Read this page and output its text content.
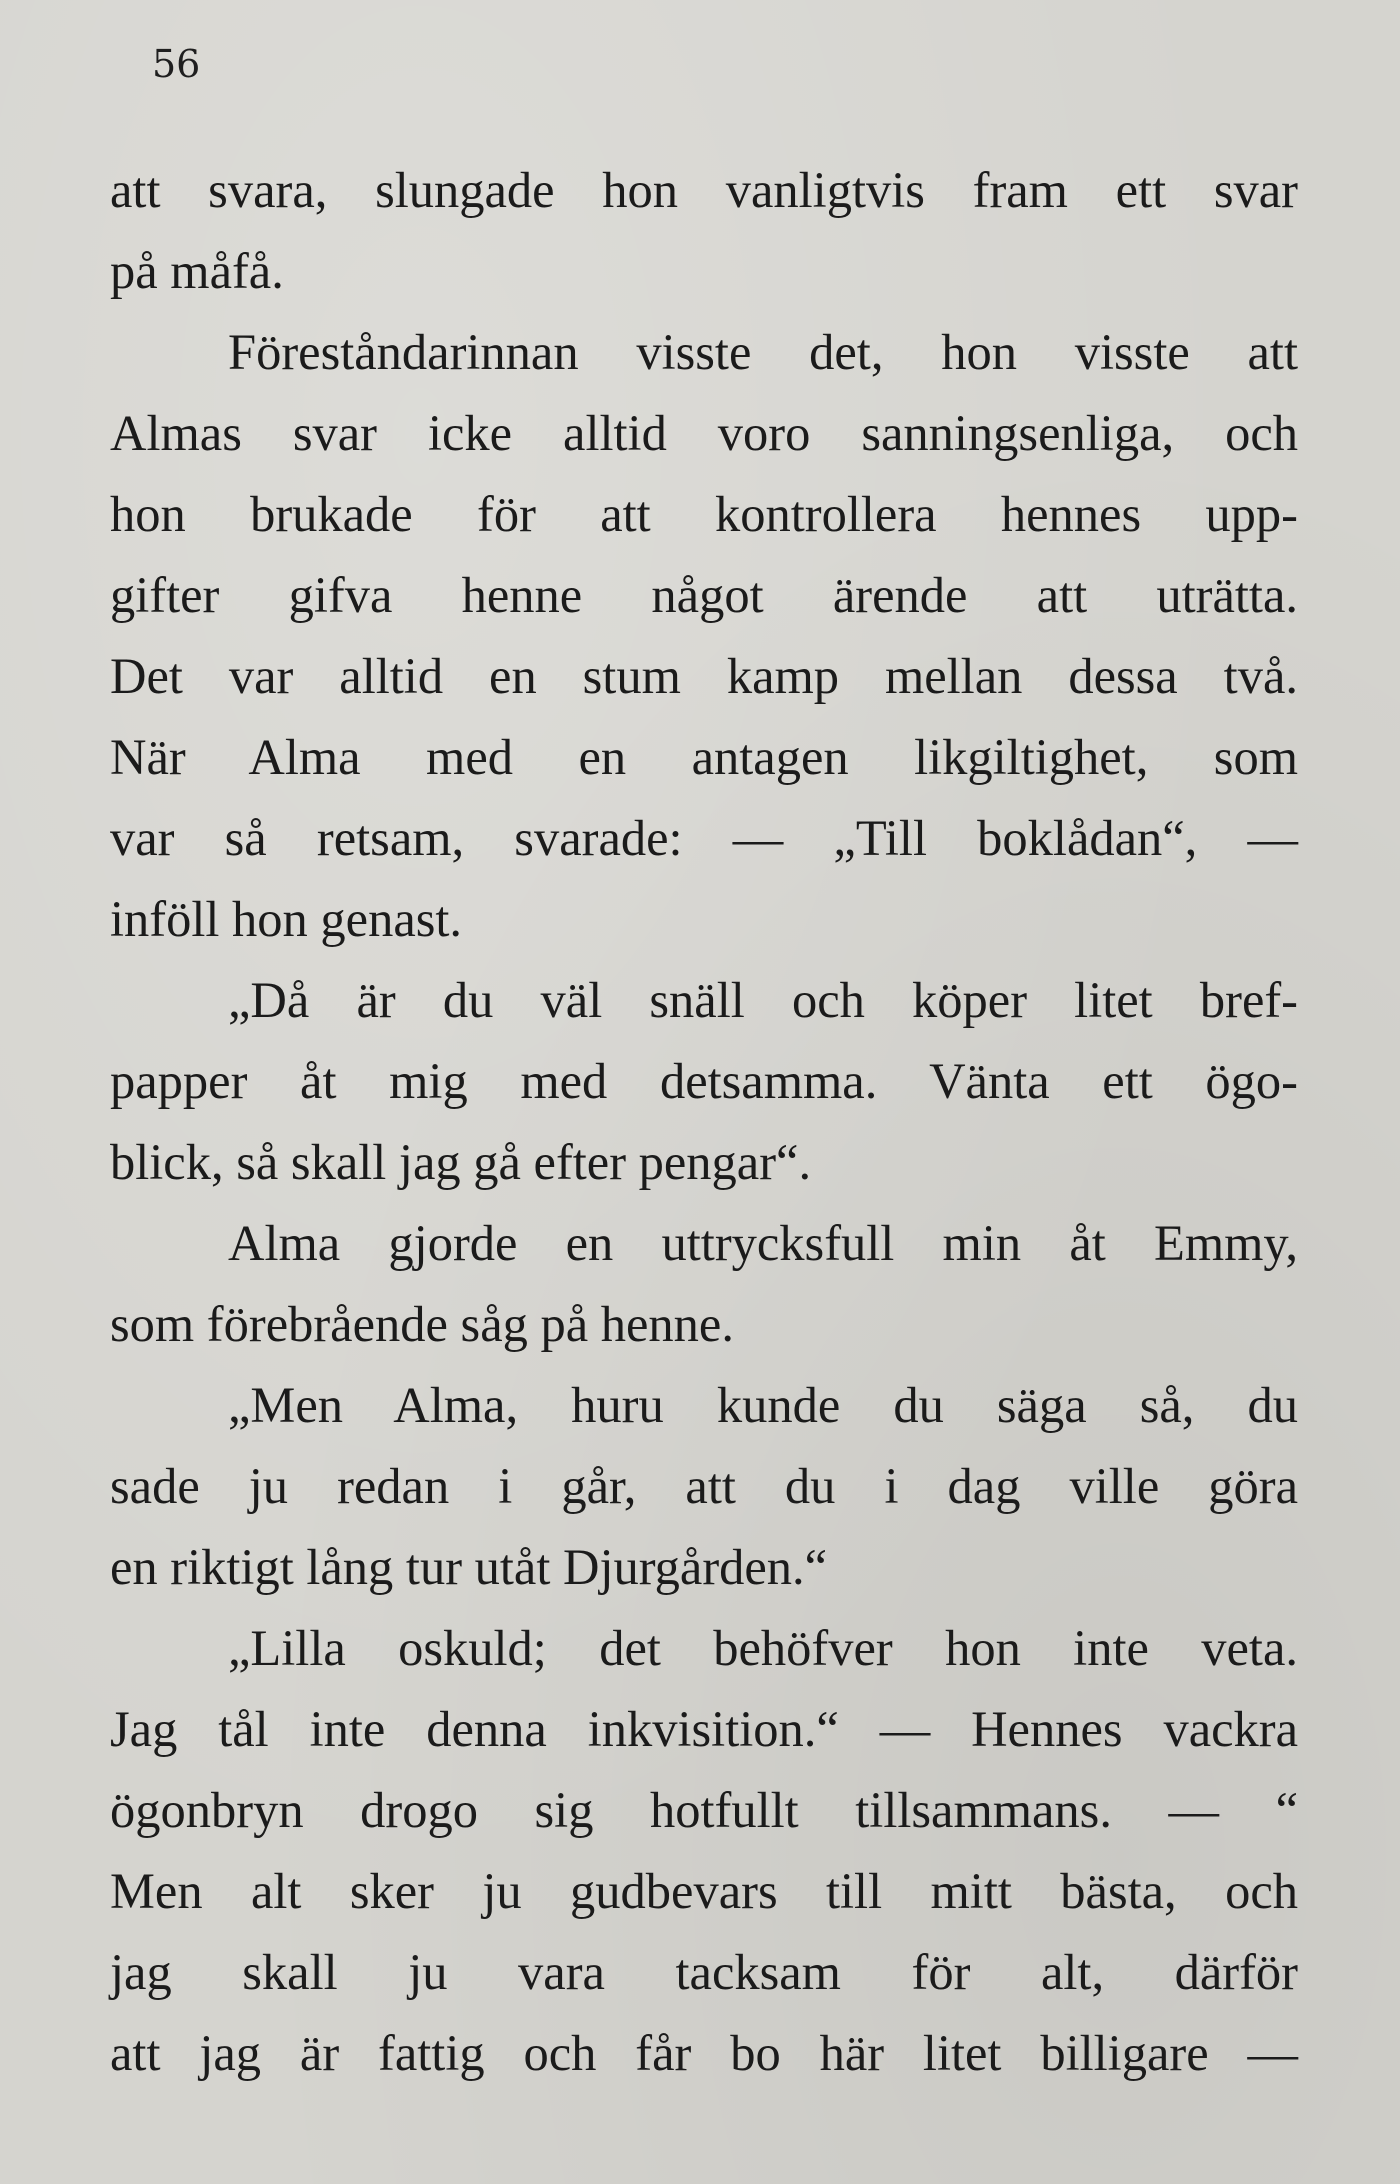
56
att svara, slungade hon vanligtvis fram ett svar
på måfå.
Föreståndarinnan visste det, hon visste att
Almas svar icke alltid voro sanningsenliga, och
hon brukade för att kontrollera hennes upp-
gifter gifva henne något ärende att uträtta.
Det var alltid en stum kamp mellan dessa två.
När Alma med en antagen likgiltighet, som
var så retsam, svarade: — „Till boklådan“, —
inföll hon genast.
„Då är du väl snäll och köper litet bref-
papper åt mig med detsamma. Vänta ett ögo-
blick, så skall jag gå efter pengar“.
Alma gjorde en uttrycksfull min åt Emmy,
som förebrående såg på henne.
„Men Alma, huru kunde du säga så, du
sade ju redan i går, att du i dag ville göra
en riktigt lång tur utåt Djurgården.“
„Lilla oskuld; det behöfver hon inte veta.
Jag tål inte denna inkvisition.“ — Hennes vackra
ögonbryn drogo sig hotfullt tillsammans. — “
Men alt sker ju gudbevars till mitt bästa, och
jag skall ju vara tacksam för alt, därför
att jag är fattig och får bo här litet billigare —
